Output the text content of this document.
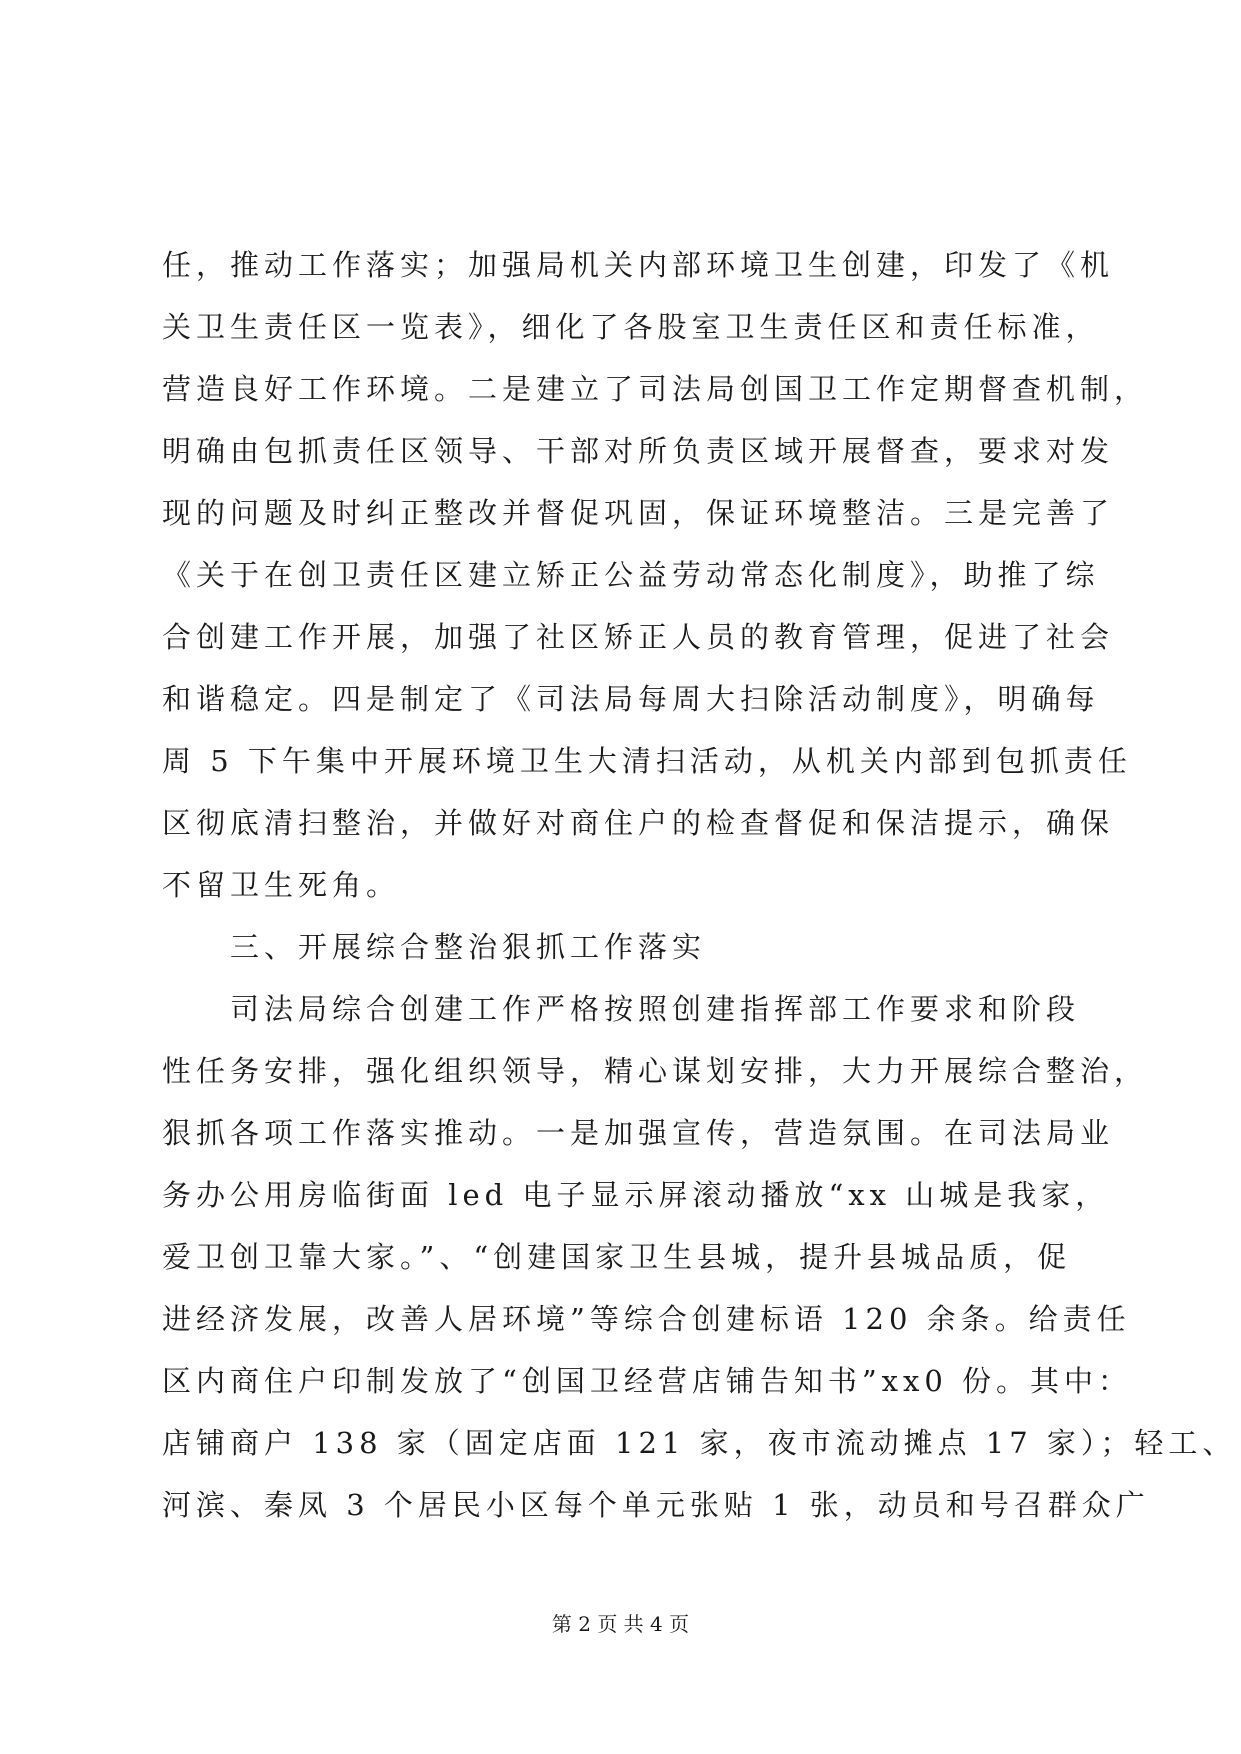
任，推动工作落实；加强局机关内部环境卫生创建，印发了《机
关卫生责任区一览表》，细化了各股室卫生责任区和责任标准，
营造良好工作环境。二是建立了司法局创国卫工作定期督查机制，
明确由包抓责任区领导、干部对所负责区域开展督查，要求对发
现的问题及时纠正整改并督促巩固，保证环境整洁。三是完善了
《关于在创卫责任区建立矫正公益劳动常态化制度》，助推了综
合创建工作开展，加强了社区矫正人员的教育管理，促进了社会
和谐稳定。四是制定了《司法局每周大扫除活动制度》，明确每
周 5 下午集中开展环境卫生大清扫活动，从机关内部到包抓责任
区彻底清扫整治，并做好对商住户的检查督促和保洁提示，确保
不留卫生死角。
　　三、开展综合整治狠抓工作落实
　　司法局综合创建工作严格按照创建指挥部工作要求和阶段
性任务安排，强化组织领导，精心谋划安排，大力开展综合整治，
狠抓各项工作落实推动。一是加强宣传，营造氛围。在司法局业
务办公用房临街面 led 电子显示屏滚动播放“xx 山城是我家，
爱卫创卫靠大家。”、“创建国家卫生县城，提升县城品质，促
进经济发展，改善人居环境”等综合创建标语 120 余条。给责任
区内商住户印制发放了“创国卫经营店铺告知书”xx0 份。其中：
店铺商户 138 家（固定店面 121 家，夜市流动摊点 17 家）；轻工、
河滨、秦凤 3 个居民小区每个单元张贴 1 张，动员和号召群众广
第 2 页 共 4 页
